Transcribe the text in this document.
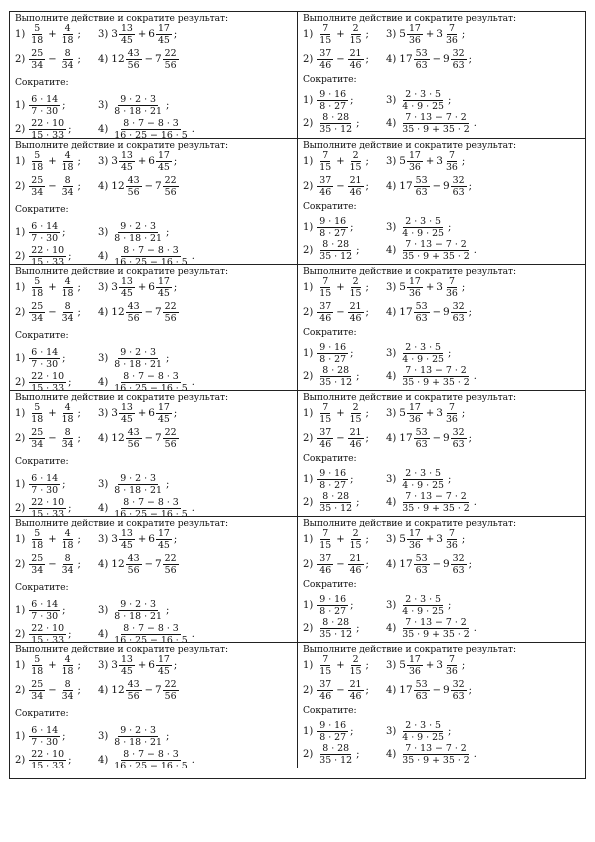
Выполните действие и сократите результат:
Сократите:
$1) \frac{5}{18} + \frac{4}{18}$ ;
$2) \frac{25}{34} - \frac{8}{34}$ ;
3) $3 \frac{13}{45} + 6 \frac{17}{45}$ ;
4) $12 \frac{43}{56} - 7 \frac{22}{56}$
$1) \frac{6 \cdot 14}{7 \cdot 30}$ ;
$2) \frac{22 \cdot 10}{15 \cdot 33}$ ;
$3) \frac{9 \cdot 2 \cdot 3}{8 \cdot 18 \cdot 21}$ ;
$4) \frac{8 \cdot 7 - 8 \cdot 3}{16 \cdot 25 - 16 \cdot 5}$ .
Выполните действие и сократите результат:
Сократите:
$1) \frac{7}{15} + \frac{2}{15}$ ;
$2) \frac{37}{46} - \frac{21}{46}$ ;
3) $5 \frac{17}{36} + 3 \frac{7}{36}$ ;
4) $17 \frac{53}{63} - 9 \frac{32}{63}$ ;
$1) \frac{9 \cdot 16}{8 \cdot 27}$ ;
$2) \frac{8 \cdot 28}{35 \cdot 12}$ ;
$3) \frac{2 \cdot 3 \cdot 5}{4 \cdot 9 \cdot 25}$ ;
$4) \frac{7 \cdot 13 - 7 \cdot 2}{35 \cdot 9 + 35 \cdot 2}$ .
Выполните действие и сократите результат:
Сократите:
$1) \frac{5}{18} + \frac{4}{18}$ ;
$2) \frac{25}{34} - \frac{8}{34}$ ;
3) $3 \frac{13}{45} + 6 \frac{17}{45}$ ;
4) $12 \frac{43}{56} - 7 \frac{22}{56}$
$1) \frac{6 \cdot 14}{7 \cdot 30}$ ;
$2) \frac{22 \cdot 10}{15 \cdot 33}$ ;
$3) \frac{9 \cdot 2 \cdot 3}{8 \cdot 18 \cdot 21}$ ;
$4) \frac{8 \cdot 7 - 8 \cdot 3}{16 \cdot 25 - 16 \cdot 5}$ .
Выполните действие и сократите результат:
Сократите:
$1) \frac{7}{15} + \frac{2}{15}$ ;
$2) \frac{37}{46} - \frac{21}{46}$ ;
3) $5 \frac{17}{36} + 3 \frac{7}{36}$ ;
4) $17 \frac{53}{63} - 9 \frac{32}{63}$ ;
$1) \frac{9 \cdot 16}{8 \cdot 27}$ ;
$2) \frac{8 \cdot 28}{35 \cdot 12}$ ;
$3) \frac{2 \cdot 3 \cdot 5}{4 \cdot 9 \cdot 25}$ ;
$4) \frac{7 \cdot 13 - 7 \cdot 2}{35 \cdot 9 + 35 \cdot 2}$ .
Выполните действие и сократите результат:
Сократите:
$1) \frac{5}{18} + \frac{4}{18}$ ;
$2) \frac{25}{34} - \frac{8}{34}$ ;
3) $3 \frac{13}{45} + 6 \frac{17}{45}$ ;
4) $12 \frac{43}{56} - 7 \frac{22}{56}$
$1) \frac{6 \cdot 14}{7 \cdot 30}$ ;
$2) \frac{22 \cdot 10}{15 \cdot 33}$ ;
$3) \frac{9 \cdot 2 \cdot 3}{8 \cdot 18 \cdot 21}$ ;
$4) \frac{8 \cdot 7 - 8 \cdot 3}{16 \cdot 25 - 16 \cdot 5}$ .
Выполните действие и сократите результат:
Сократите:
$1) \frac{7}{15} + \frac{2}{15}$ ;
$2) \frac{37}{46} - \frac{21}{46}$ ;
3) $5 \frac{17}{36} + 3 \frac{7}{36}$ ;
4) $17 \frac{53}{63} - 9 \frac{32}{63}$ ;
$1) \frac{9 \cdot 16}{8 \cdot 27}$ ;
$2) \frac{8 \cdot 28}{35 \cdot 12}$ ;
$3) \frac{2 \cdot 3 \cdot 5}{4 \cdot 9 \cdot 25}$ ;
$4) \frac{7 \cdot 13 - 7 \cdot 2}{35 \cdot 9 + 35 \cdot 2}$ .
Выполните действие и сократите результат:
Сократите:
$1) \frac{5}{18} + \frac{4}{18}$ ;
$2) \frac{25}{34} - \frac{8}{34}$ ;
3) $3 \frac{13}{45} + 6 \frac{17}{45}$ ;
4) $12 \frac{43}{56} - 7 \frac{22}{56}$
$1) \frac{6 \cdot 14}{7 \cdot 30}$ ;
$2) \frac{22 \cdot 10}{15 \cdot 33}$ ;
$3) \frac{9 \cdot 2 \cdot 3}{8 \cdot 18 \cdot 21}$ ;
$4) \frac{8 \cdot 7 - 8 \cdot 3}{16 \cdot 25 - 16 \cdot 5}$ .
Выполните действие и сократите результат:
Сократите:
$1) \frac{7}{15} + \frac{2}{15}$ ;
$2) \frac{37}{46} - \frac{21}{46}$ ;
3) $5 \frac{17}{36} + 3 \frac{7}{36}$ ;
4) $17 \frac{53}{63} - 9 \frac{32}{63}$ ;
$1) \frac{9 \cdot 16}{8 \cdot 27}$ ;
$2) \frac{8 \cdot 28}{35 \cdot 12}$ ;
$3) \frac{2 \cdot 3 \cdot 5}{4 \cdot 9 \cdot 25}$ ;
$4) \frac{7 \cdot 13 - 7 \cdot 2}{35 \cdot 9 + 35 \cdot 2}$ .
Выполните действие и сократите результат:
Сократите:
$1) \frac{5}{18} + \frac{4}{18}$ ;
$2) \frac{25}{34} - \frac{8}{34}$ ;
3) $3 \frac{13}{45} + 6 \frac{17}{45}$ ;
4) $12 \frac{43}{56} - 7 \frac{22}{56}$
$1) \frac{6 \cdot 14}{7 \cdot 30}$ ;
$2) \frac{22 \cdot 10}{15 \cdot 33}$ ;
$3) \frac{9 \cdot 2 \cdot 3}{8 \cdot 18 \cdot 21}$ ;
$4) \frac{8 \cdot 7 - 8 \cdot 3}{16 \cdot 25 - 16 \cdot 5}$ .
Выполните действие и сократите результат:
Сократите:
$1) \frac{7}{15} + \frac{2}{15}$ ;
$2) \frac{37}{46} - \frac{21}{46}$ ;
3) $5 \frac{17}{36} + 3 \frac{7}{36}$ ;
4) $17 \frac{53}{63} - 9 \frac{32}{63}$ ;
$1) \frac{9 \cdot 16}{8 \cdot 27}$ ;
$2) \frac{8 \cdot 28}{35 \cdot 12}$ ;
$3) \frac{2 \cdot 3 \cdot 5}{4 \cdot 9 \cdot 25}$ ;
$4) \frac{7 \cdot 13 - 7 \cdot 2}{35 \cdot 9 + 35 \cdot 2}$ .
Выполните действие и сократите результат:
Сократите:
$1) \frac{5}{18} + \frac{4}{18}$ ;
$2) \frac{25}{34} - \frac{8}{34}$ ;
3) $3 \frac{13}{45} + 6 \frac{17}{45}$ ;
4) $12 \frac{43}{56} - 7 \frac{22}{56}$
$1) \frac{6 \cdot 14}{7 \cdot 30}$ ;
$2) \frac{22 \cdot 10}{15 \cdot 33}$ ;
$3) \frac{9 \cdot 2 \cdot 3}{8 \cdot 18 \cdot 21}$ ;
$4) \frac{8 \cdot 7 - 8 \cdot 3}{16 \cdot 25 - 16 \cdot 5}$ .
Выполните действие и сократите результат:
Сократите:
$1) \frac{7}{15} + \frac{2}{15}$ ;
$2) \frac{37}{46} - \frac{21}{46}$ ;
3) $5 \frac{17}{36} + 3 \frac{7}{36}$ ;
4) $17 \frac{53}{63} - 9 \frac{32}{63}$ ;
$1) \frac{9 \cdot 16}{8 \cdot 27}$ ;
$2) \frac{8 \cdot 28}{35 \cdot 12}$ ;
$3) \frac{2 \cdot 3 \cdot 5}{4 \cdot 9 \cdot 25}$ ;
$4) \frac{7 \cdot 13 - 7 \cdot 2}{35 \cdot 9 + 35 \cdot 2}$ .
